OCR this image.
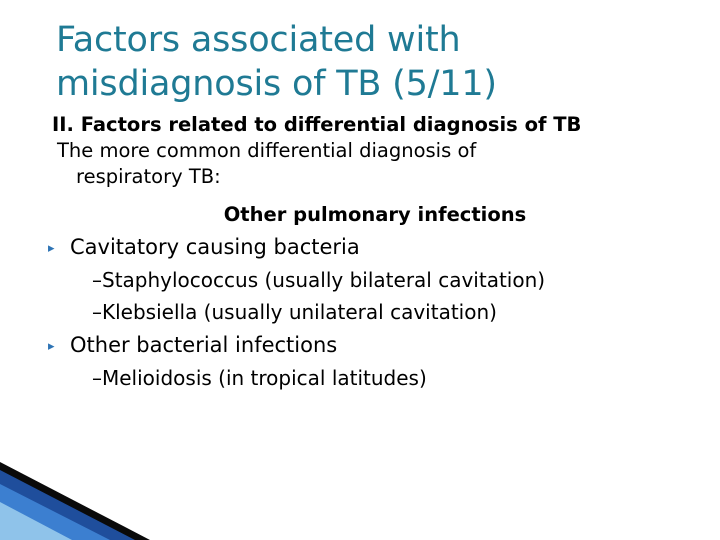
Factors associated with
misdiagnosis of TB (5/11)
II. Factors related to differential diagnosis of TB
The more common differential diagnosis of
respiratory TB:
Other pulmonary infections
▸ Cavitatory causing bacteria
–Staphylococcus (usually bilateral cavitation)
–Klebsiella (usually unilateral cavitation)
▸ Other bacterial infections
–Melioidosis (in tropical latitudes)
